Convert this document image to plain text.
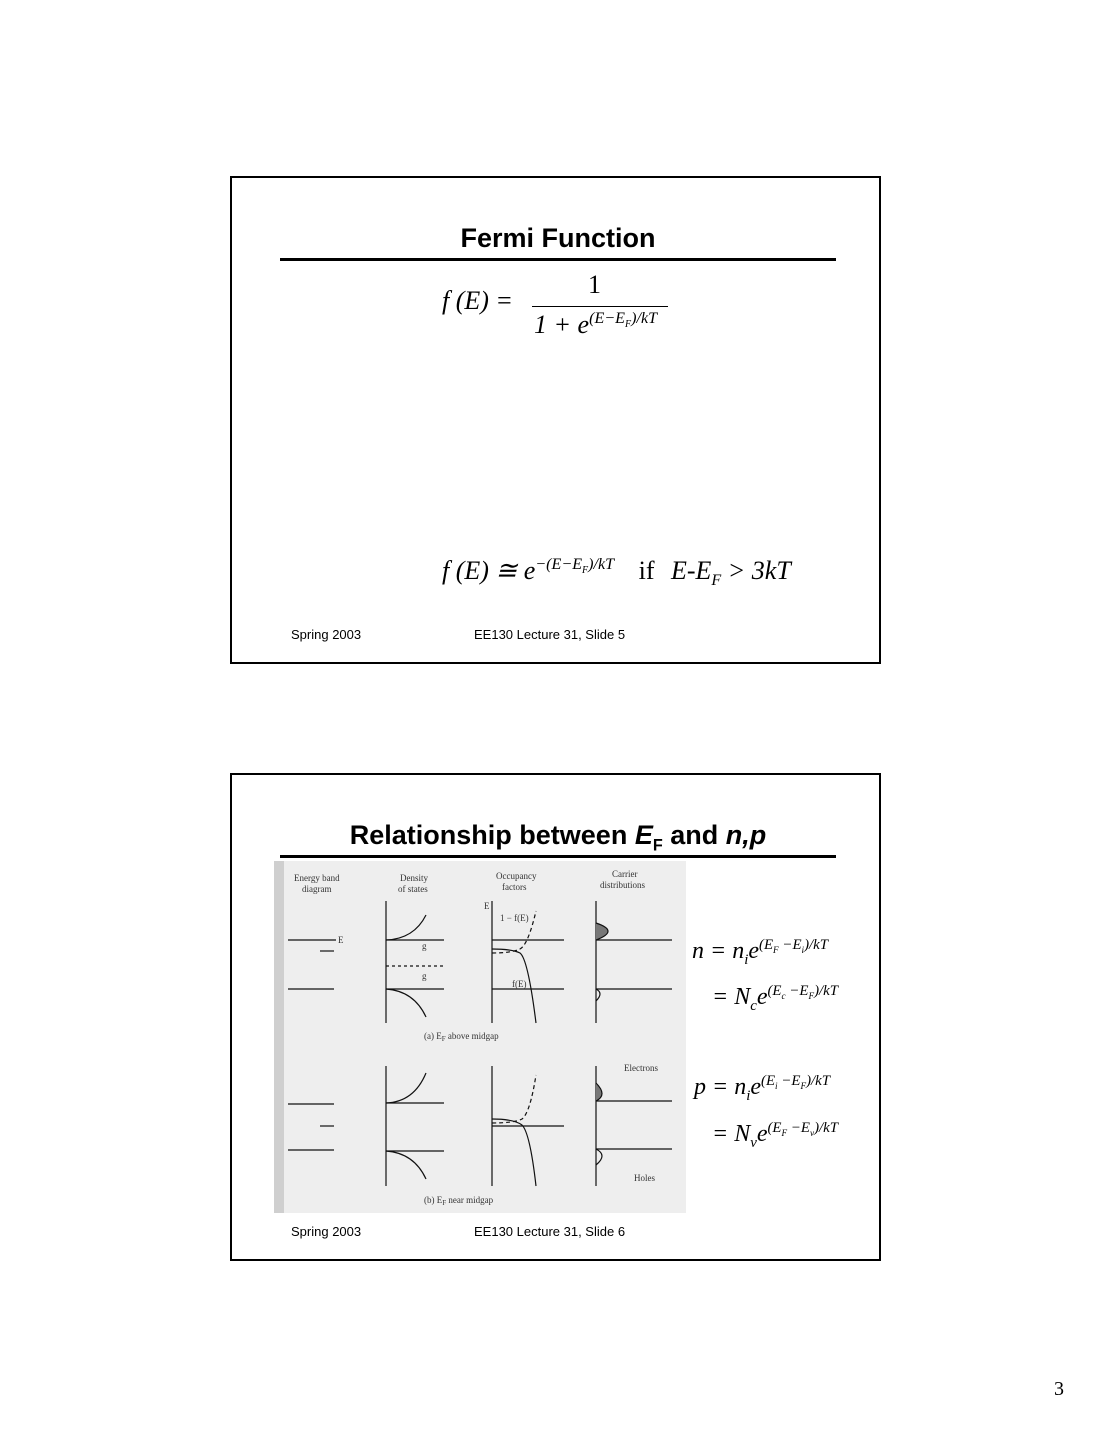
Fermi Function
f (E) =
1
$1 + e^{(E-E_F)/kT}$
f (E) ≅ $e^{-(E-E_F)/kT}$ if $E-E_F > 3kT$
Spring 2003	EE130 Lecture 31, Slide 5
Relationship between $E_F$ and n,p
Energy band
diagram
Density
of states
Occupancy
factors
Carrier
distributions
E
g
g
E
1 − f(E)
f(E)
(a) $E_F$ above midgap
Electrons
Holes
(b) $E_F$ near midgap
$n = n_ie^{(E_F -E_i)/kT}$
= $N_ce^{(E_c -E_F)/kT}$
$p = n_ie^{(E_i -E_F)/kT}$
= $N_ve^{(E_F -E_v)/kT}$
Spring 2003	EE130 Lecture 31, Slide 6
3
